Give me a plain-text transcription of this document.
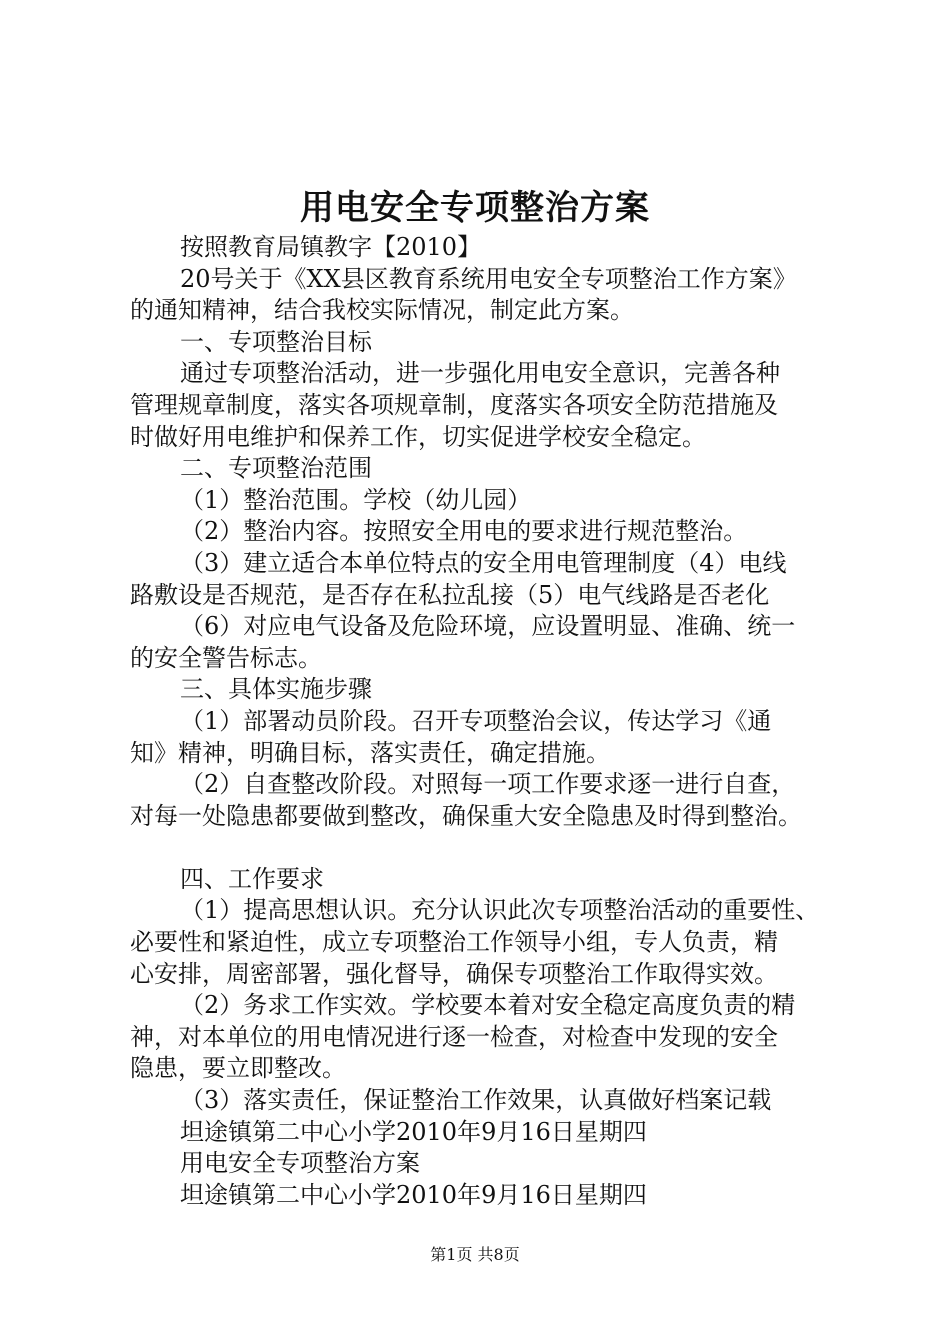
用电安全专项整治方案
按照教育局镇教字【2010】
20号关于《XX县区教育系统用电安全专项整治工作方案》
的通知精神，结合我校实际情况，制定此方案。
一、专项整治目标
通过专项整治活动，进一步强化用电安全意识，完善各种
管理规章制度，落实各项规章制，度落实各项安全防范措施及
时做好用电维护和保养工作，切实促进学校安全稳定。
二、专项整治范围
（1）整治范围。学校（幼儿园）
（2）整治内容。按照安全用电的要求进行规范整治。
（3）建立适合本单位特点的安全用电管理制度（4）电线
路敷设是否规范，是否存在私拉乱接（5）电气线路是否老化
（6）对应电气设备及危险环境，应设置明显、准确、统一
的安全警告标志。
三、具体实施步骤
（1）部署动员阶段。召开专项整治会议，传达学习《通
知》精神，明确目标，落实责任，确定措施。
（2）自查整改阶段。对照每一项工作要求逐一进行自查，
对每一处隐患都要做到整改，确保重大安全隐患及时得到整治。
四、工作要求
（1）提高思想认识。充分认识此次专项整治活动的重要性、
必要性和紧迫性，成立专项整治工作领导小组，专人负责，精
心安排，周密部署，强化督导，确保专项整治工作取得实效。
（2）务求工作实效。学校要本着对安全稳定高度负责的精
神，对本单位的用电情况进行逐一检查，对检查中发现的安全
隐患，要立即整改。
（3）落实责任，保证整治工作效果，认真做好档案记载
坦途镇第二中心小学2010年9月16日星期四
用电安全专项整治方案
坦途镇第二中心小学2010年9月16日星期四
第1页 共8页
